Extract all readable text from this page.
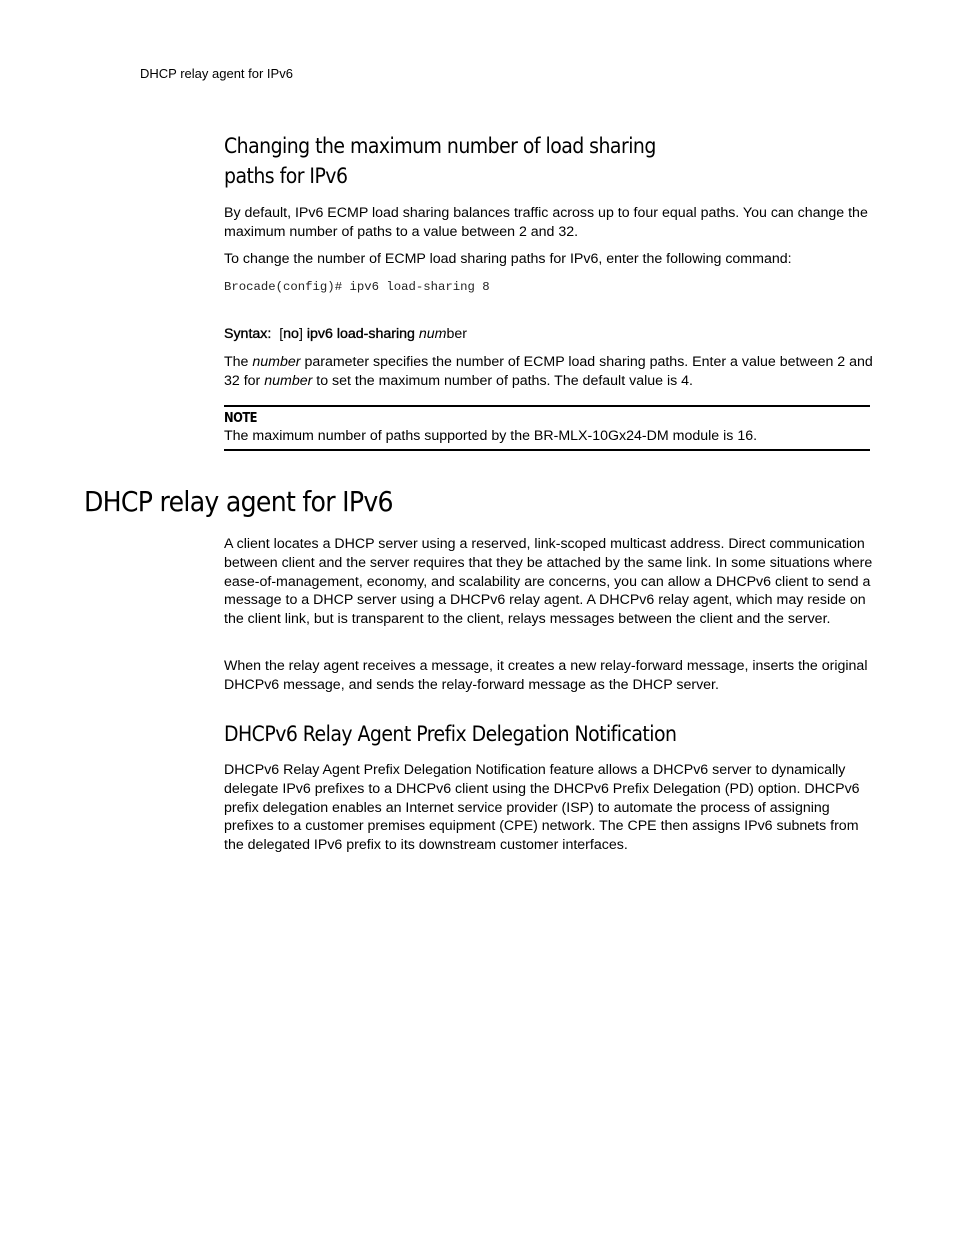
DHCP relay agent for IPv6
Changing the maximum number of load sharing
paths for IPv6

By default, IPv6 ECMP load sharing balances traffic across up to four equal paths. You can change the maximum number of paths to a value between 2 and 32.

To change the number of ECMP load sharing paths for IPv6, enter the following command:

Brocade(config)# ipv6 load-sharing 8

Syntax: [no] ipv6 load-sharing number

The number parameter specifies the number of ECMP load sharing paths. Enter a value between 2 and 32 for number to set the maximum number of paths. The default value is 4.

NOTE
The maximum number of paths supported by the BR-MLX-10Gx24-DM module is 16.
DHCP relay agent for IPv6

A client locates a DHCP server using a reserved, link-scoped multicast address. Direct communication between client and the server requires that they be attached by the same link. In some situations where ease-of-management, economy, and scalability are concerns, you can allow a DHCPv6 client to send a message to a DHCP server using a DHCPv6 relay agent. A DHCPv6 relay agent, which may reside on the client link, but is transparent to the client, relays messages between the client and the server.

When the relay agent receives a message, it creates a new relay-forward message, inserts the original DHCPv6 message, and sends the relay-forward message as the DHCP server.

DHCPv6 Relay Agent Prefix Delegation Notification

DHCPv6 Relay Agent Prefix Delegation Notification feature allows a DHCPv6 server to dynamically delegate IPv6 prefixes to a DHCPv6 client using the DHCPv6 Prefix Delegation (PD) option. DHCPv6 prefix delegation enables an Internet service provider (ISP) to automate the process of assigning prefixes to a customer premises equipment (CPE) network. The CPE then assigns IPv6 subnets from the delegated IPv6 prefix to its downstream customer interfaces.
